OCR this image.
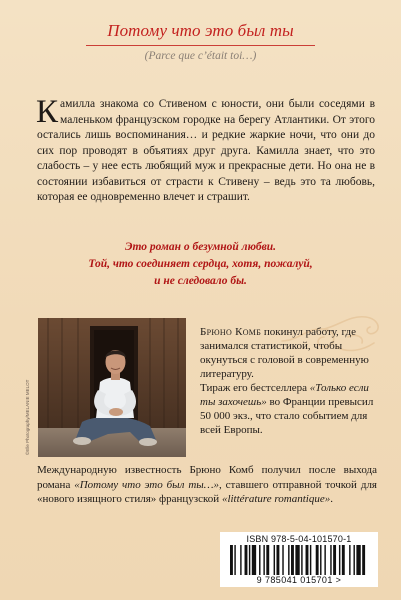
Потому что это был ты
(Parce que c’était toi…)

Камилла знакома со Стивеном с юности, они были соседями в маленьком французском городке на берегу Атлантики. От этого остались лишь воспоминания… и редкие жаркие ночи, что они до сих пор проводят в объятиях друг друга. Камилла знает, что это слабость – у нее есть любящий муж и прекрасные дети. Но она не в состоянии избавиться от страсти к Стивену – ведь это та любовь, которая ее одновременно влечет и страшит.

Это роман о безумной любви.
Той, что соединяет сердца, хотя, пожалуй,
и не следовало бы.
©Elle Photography/MELANIE MELOT

Брюно Комб покинул работу, где занимался статистикой, чтобы окунуться с головой в современную литературу.

Тираж его бестселлера «Только если ты захочешь» во Франции превысил 50 000 экз., что стало событием для всей Европы.

Международную известность Брюно Комб получил после выхода романа «Потому что это был ты…», ставшего отправной точкой для «нового изящного стиля» французской «littérature romantique».

ISBN 978-5-04-101570-1
9 785041 015701 >
